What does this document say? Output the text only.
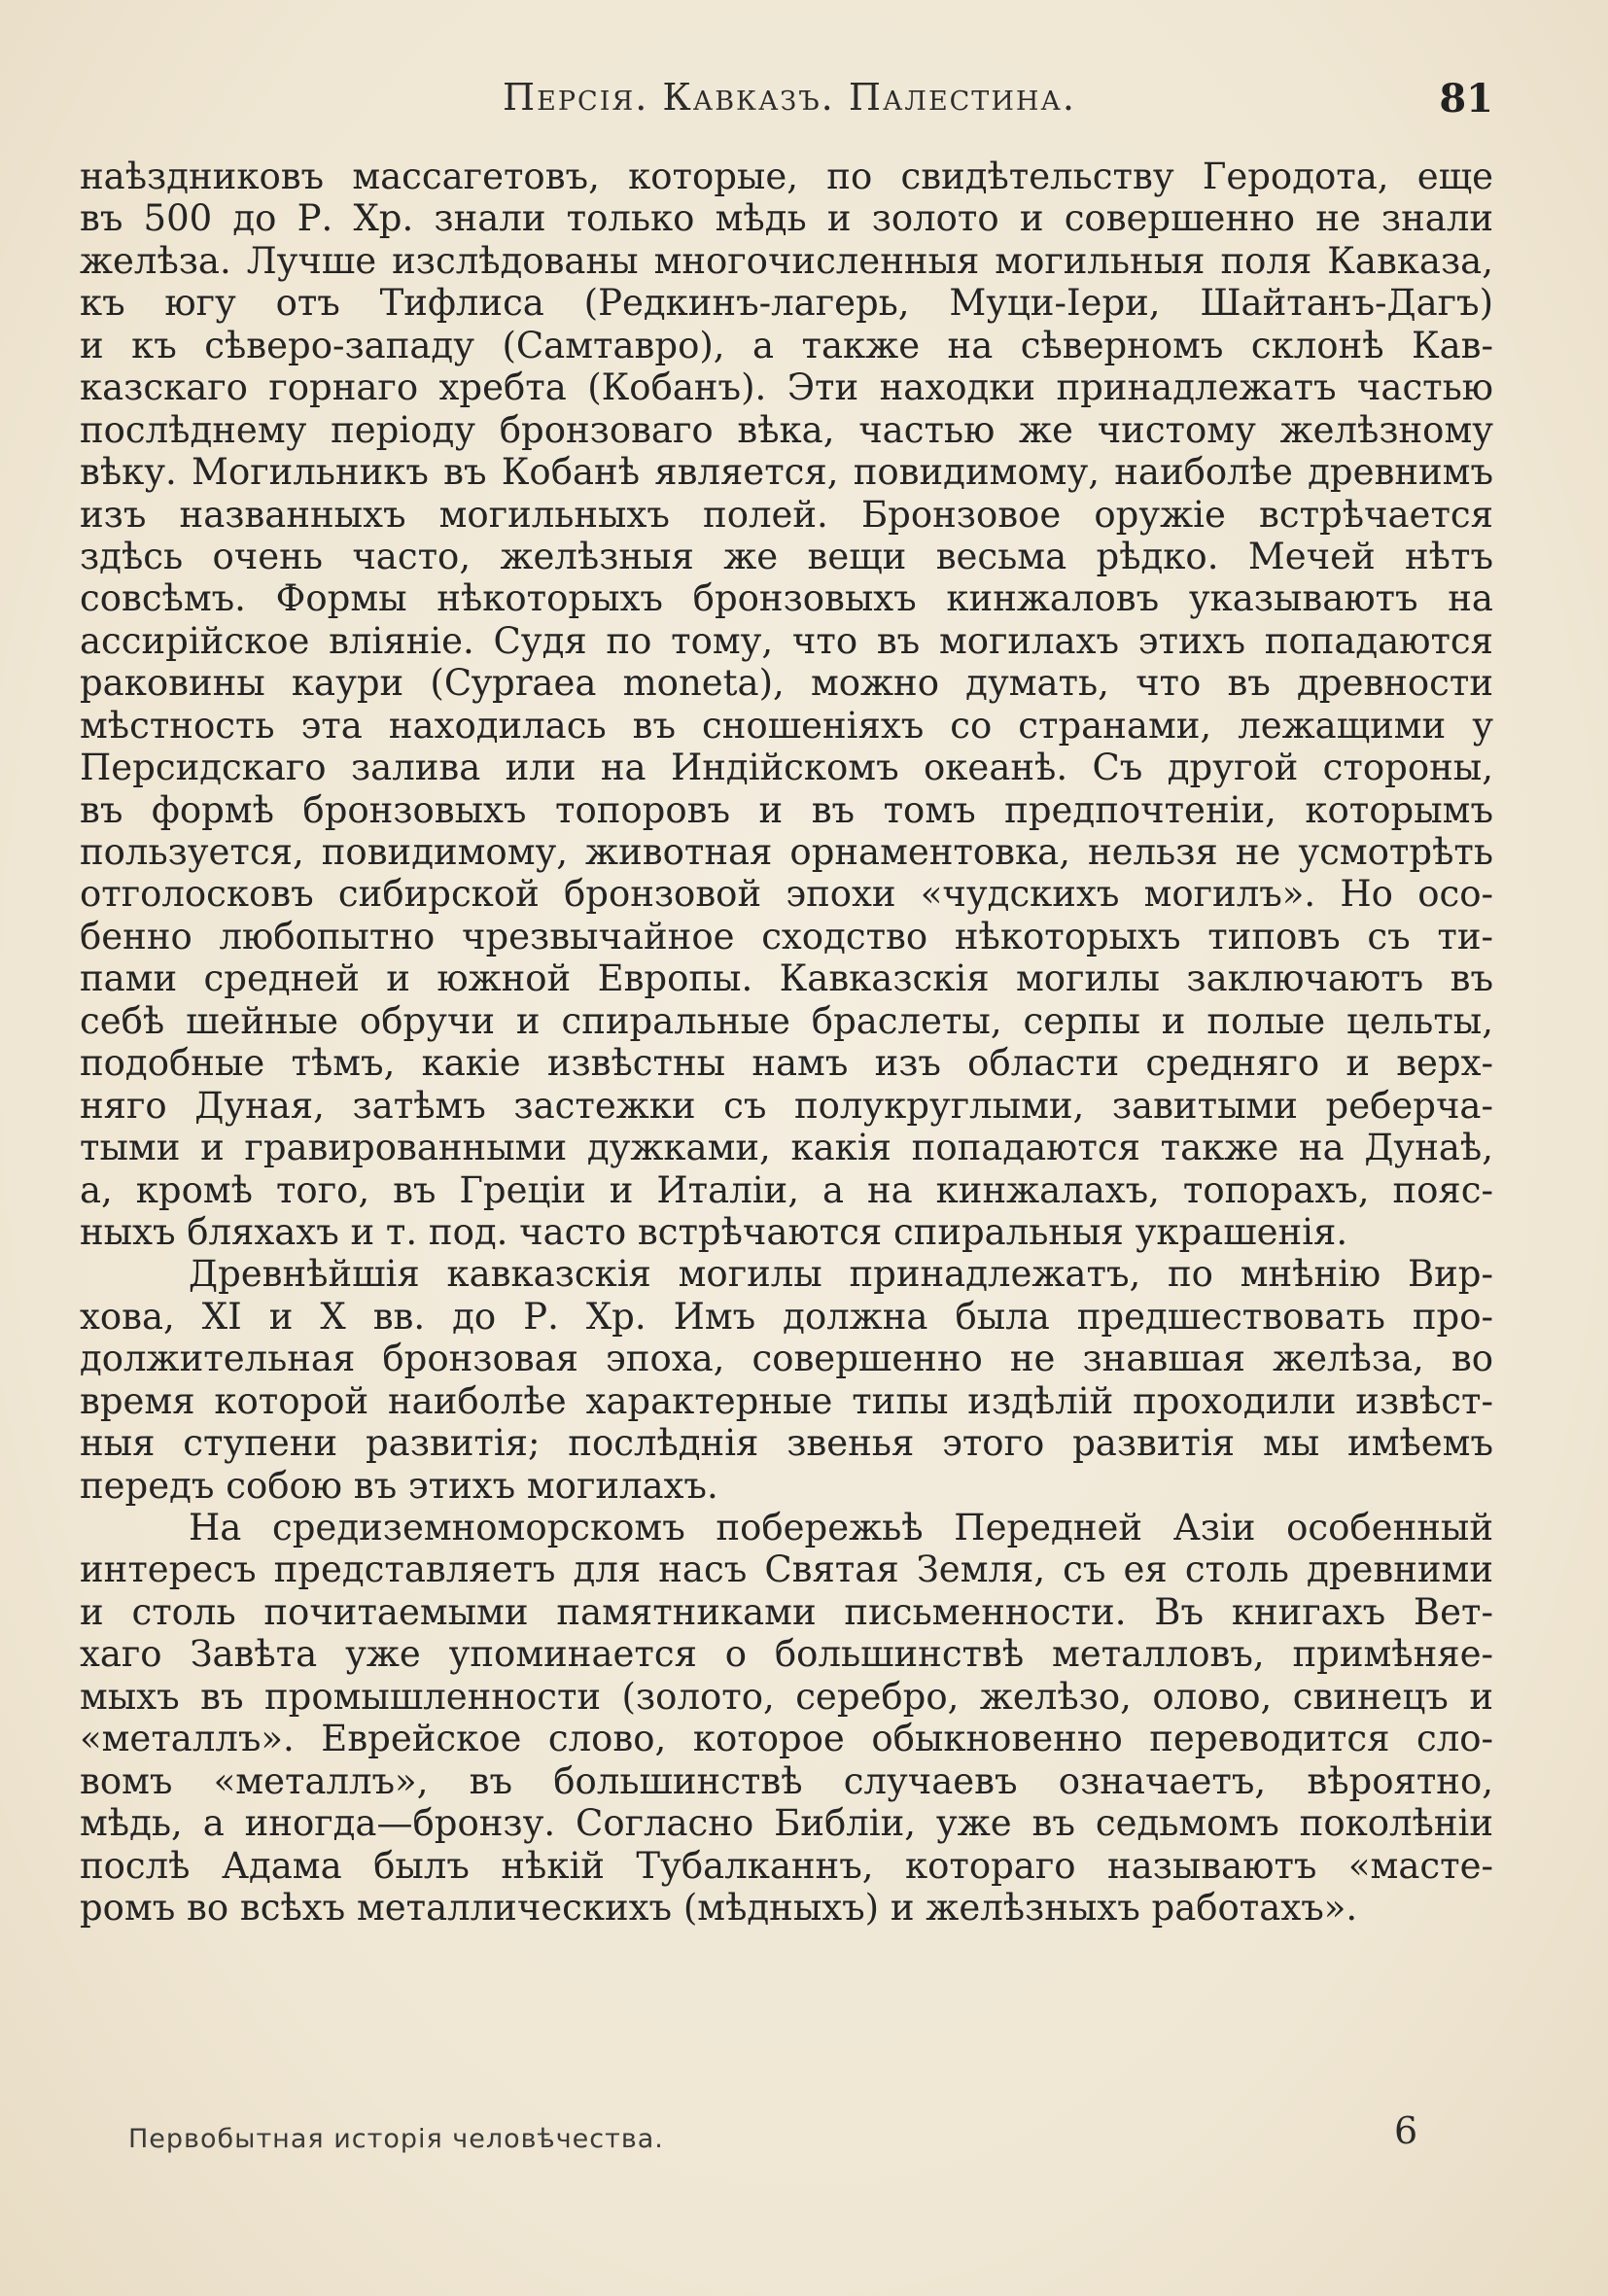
Персія. Кавказъ. Палестина.	81
наѣздниковъ массагетовъ, которые, по свидѣтельству Геродота, еще
въ 500 до Р. Хр. знали только мѣдь и золото и совершенно не знали
желѣза. Лучше изслѣдованы многочисленныя могильныя поля Кавказа,
къ югу отъ Тифлиса (Редкинъ-лагерь, Муци-Іери, Шайтанъ-Дагъ)
и къ сѣверо-западу (Самтавро), а также на сѣверномъ склонѣ Кав-
казскаго горнаго хребта (Кобанъ). Эти находки принадлежатъ частью
послѣднему періоду бронзоваго вѣка, частью же чистому желѣзному
вѣку. Могильникъ въ Кобанѣ является, повидимому, наиболѣе древнимъ
изъ названныхъ могильныхъ полей. Бронзовое оружіе встрѣчается
здѣсь очень часто, желѣзныя же вещи весьма рѣдко. Мечей нѣтъ
совсѣмъ. Формы нѣкоторыхъ бронзовыхъ кинжаловъ указываютъ на
ассирійское вліяніе. Судя по тому, что въ могилахъ этихъ попадаются
раковины каури (Cypraea moneta), можно думать, что въ древности
мѣстность эта находилась въ сношеніяхъ со странами, лежащими у
Персидскаго залива или на Индійскомъ океанѣ. Съ другой стороны,
въ формѣ бронзовыхъ топоровъ и въ томъ предпочтеніи, которымъ
пользуется, повидимому, животная орнаментовка, нельзя не усмотрѣть
отголосковъ сибирской бронзовой эпохи «чудскихъ могилъ». Но осо-
бенно любопытно чрезвычайное сходство нѣкоторыхъ типовъ съ ти-
пами средней и южной Европы. Кавказскія могилы заключаютъ въ
себѣ шейные обручи и спиральные браслеты, серпы и полые цельты,
подобные тѣмъ, какіе извѣстны намъ изъ области средняго и верх-
няго Дуная, затѣмъ застежки съ полукруглыми, завитыми реберча-
тыми и гравированными дужками, какія попадаются также на Дунаѣ,
а, кромѣ того, въ Греціи и Италіи, а на кинжалахъ, топорахъ, пояс-
ныхъ бляхахъ и т. под. часто встрѣчаются спиральныя украшенія.
Древнѣйшія кавказскія могилы принадлежатъ, по мнѣнію Вир-
хова, XI и X вв. до Р. Хр. Имъ должна была предшествовать про-
должительная бронзовая эпоха, совершенно не знавшая желѣза, во
время которой наиболѣе характерные типы издѣлій проходили извѣст-
ныя ступени развитія; послѣднія звенья этого развитія мы имѣемъ
передъ собою въ этихъ могилахъ.
На средиземноморскомъ побережьѣ Передней Азіи особенный
интересъ представляетъ для насъ Святая Земля, съ ея столь древними
и столь почитаемыми памятниками письменности. Въ книгахъ Вет-
хаго Завѣта уже упоминается о большинствѣ металловъ, примѣняе-
мыхъ въ промышленности (золото, серебро, желѣзо, олово, свинецъ и
«металлъ». Еврейское слово, которое обыкновенно переводится сло-
вомъ «металлъ», въ большинствѣ случаевъ означаетъ, вѣроятно,
мѣдь, а иногда—бронзу. Согласно Библіи, уже въ седьмомъ поколѣніи
послѣ Адама былъ нѣкій Тубалканнъ, котораго называютъ «масте-
ромъ во всѣхъ металлическихъ (мѣдныхъ) и желѣзныхъ работахъ».
Первобытная исторія человѣчества.	6
